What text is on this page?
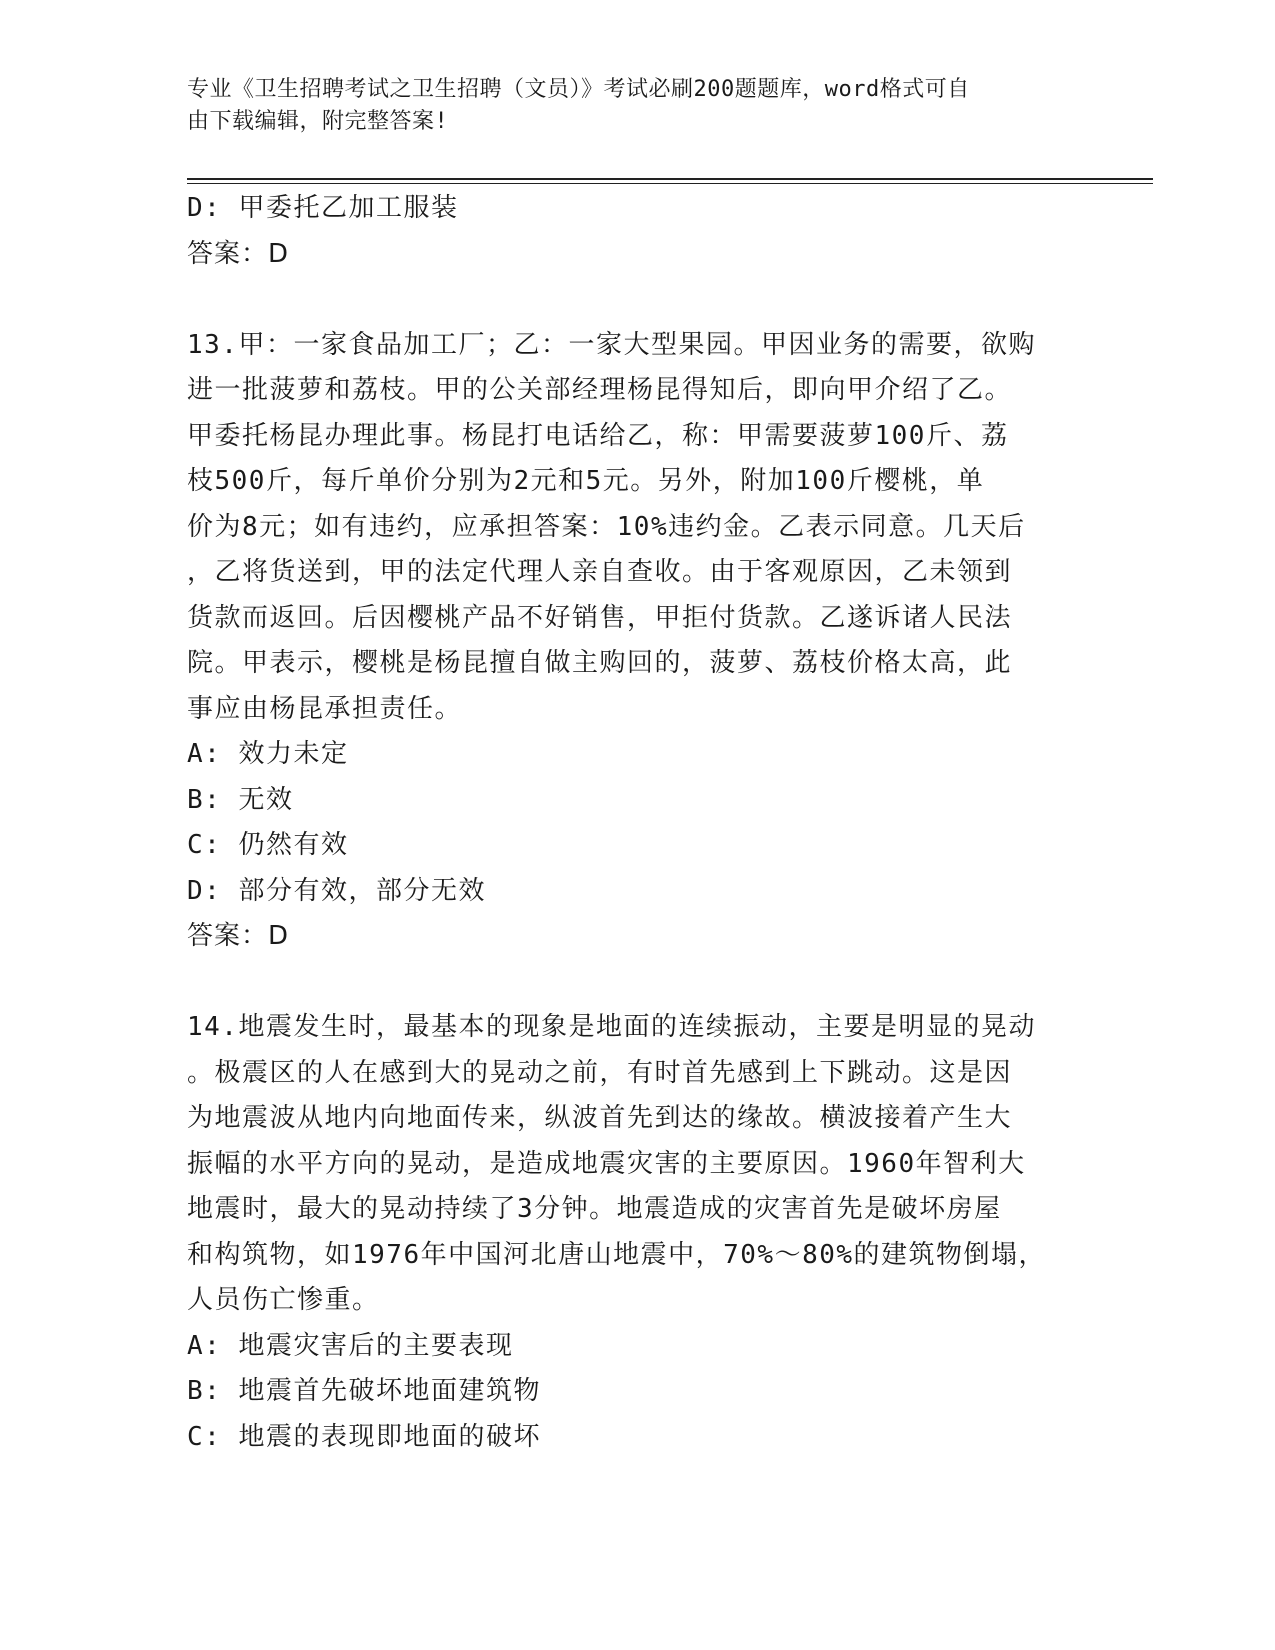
专业《卫生招聘考试之卫生招聘（文员）》考试必刷200题题库，word格式可自
由下载编辑，附完整答案!
D: 甲委托乙加工服装
答案：D
13.甲：一家食品加工厂；乙：一家大型果园。甲因业务的需要，欲购
进一批菠萝和荔枝。甲的公关部经理杨昆得知后，即向甲介绍了乙。
甲委托杨昆办理此事。杨昆打电话给乙，称：甲需要菠萝100斤、荔
枝500斤，每斤单价分别为2元和5元。另外，附加100斤樱桃，单
价为8元；如有违约，应承担答案：10%违约金。乙表示同意。几天后
，乙将货送到，甲的法定代理人亲自查收。由于客观原因，乙未领到
货款而返回。后因樱桃产品不好销售，甲拒付货款。乙遂诉诸人民法
院。甲表示，樱桃是杨昆擅自做主购回的，菠萝、荔枝价格太高，此
事应由杨昆承担责任。
A: 效力未定
B: 无效
C: 仍然有效
D: 部分有效，部分无效
答案：D
14.地震发生时，最基本的现象是地面的连续振动，主要是明显的晃动
。极震区的人在感到大的晃动之前，有时首先感到上下跳动。这是因
为地震波从地内向地面传来，纵波首先到达的缘故。横波接着产生大
振幅的水平方向的晃动，是造成地震灾害的主要原因。1960年智利大
地震时，最大的晃动持续了3分钟。地震造成的灾害首先是破坏房屋
和构筑物，如1976年中国河北唐山地震中，70%～80%的建筑物倒塌，
人员伤亡惨重。
A: 地震灾害后的主要表现
B: 地震首先破坏地面建筑物
C: 地震的表现即地面的破坏
